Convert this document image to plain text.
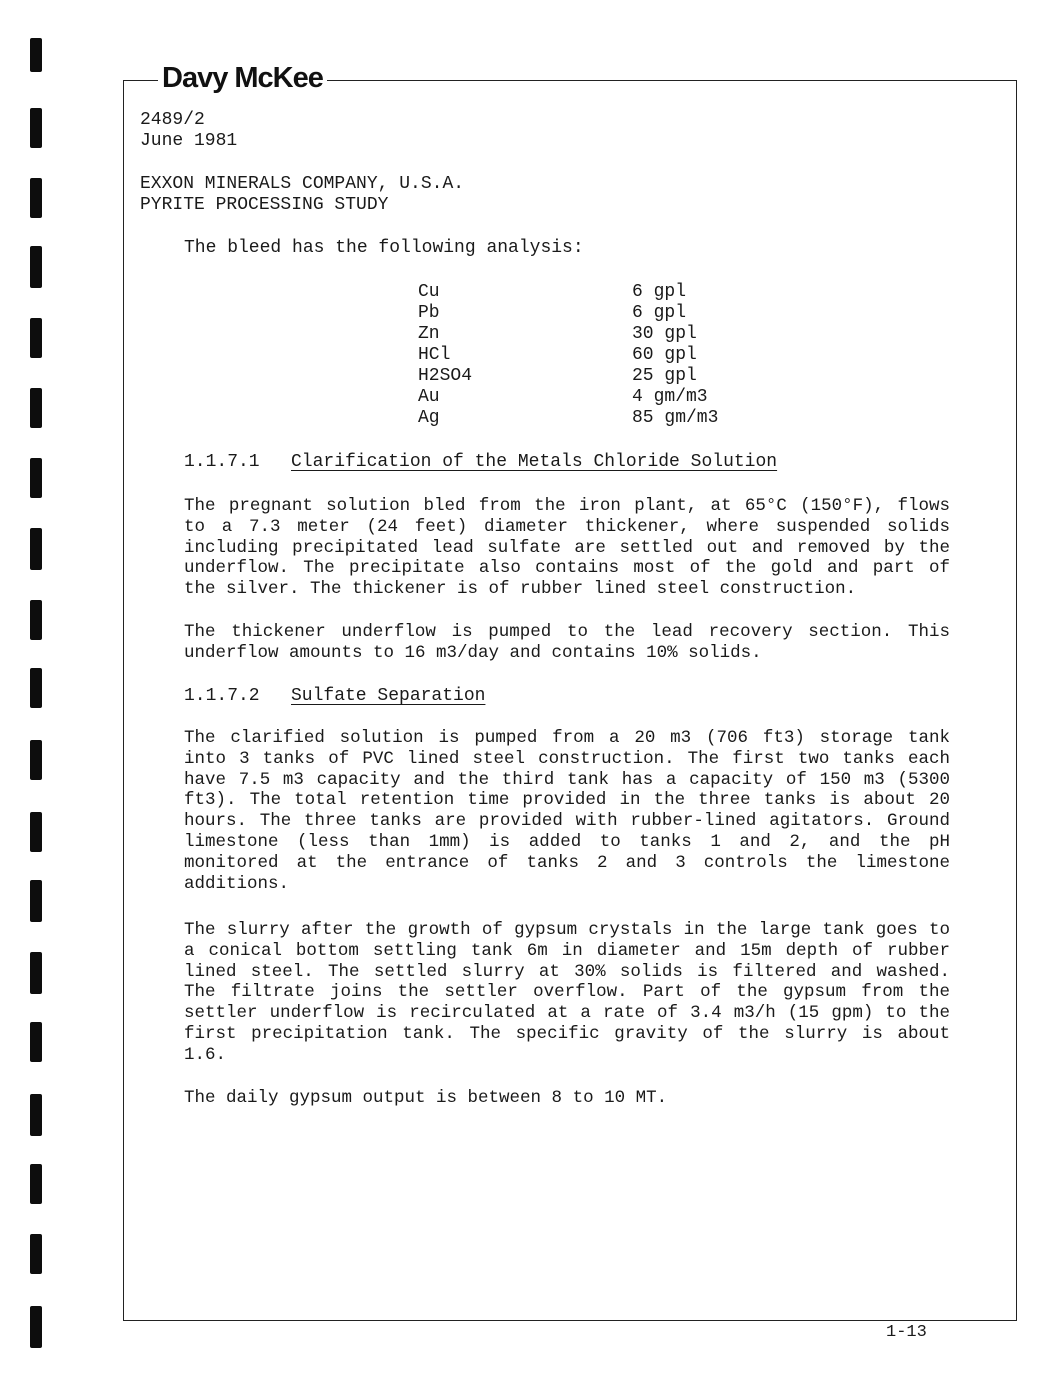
Davy McKee
2489/2
June 1981
EXXON MINERALS COMPANY, U.S.A.
PYRITE PROCESSING STUDY
The bleed has the following analysis:
Cu	6 gpl
Pb	6 gpl
Zn	30 gpl
HCl	60 gpl
H2SO4	25 gpl
Au	4 gm/m3
Ag	85 gm/m3
1.1.7.1 Clarification of the Metals Chloride Solution
The pregnant solution bled from the iron plant, at 65°C (150°F), flows to a 7.3 meter (24 feet) diameter thickener, where suspended solids including precipitated lead sulfate are settled out and removed by the underflow. The precipitate also contains most of the gold and part of the silver. The thickener is of rubber lined steel construction.
The thickener underflow is pumped to the lead recovery section. This underflow amounts to 16 m3/day and contains 10% solids.
1.1.7.2 Sulfate Separation
The clarified solution is pumped from a 20 m3 (706 ft3) storage tank into 3 tanks of PVC lined steel construction. The first two tanks each have 7.5 m3 capacity and the third tank has a capacity of 150 m3 (5300 ft3). The total retention time provided in the three tanks is about 20 hours. The three tanks are provided with rubber-lined agitators. Ground limestone (less than 1mm) is added to tanks 1 and 2, and the pH monitored at the entrance of tanks 2 and 3 controls the limestone additions.
The slurry after the growth of gypsum crystals in the large tank goes to a conical bottom settling tank 6m in diameter and 15m depth of rubber lined steel. The settled slurry at 30% solids is filtered and washed. The filtrate joins the settler overflow. Part of the gypsum from the settler underflow is recirculated at a rate of 3.4 m3/h (15 gpm) to the first precipitation tank. The specific gravity of the slurry is about 1.6.
The daily gypsum output is between 8 to 10 MT.
1-13
